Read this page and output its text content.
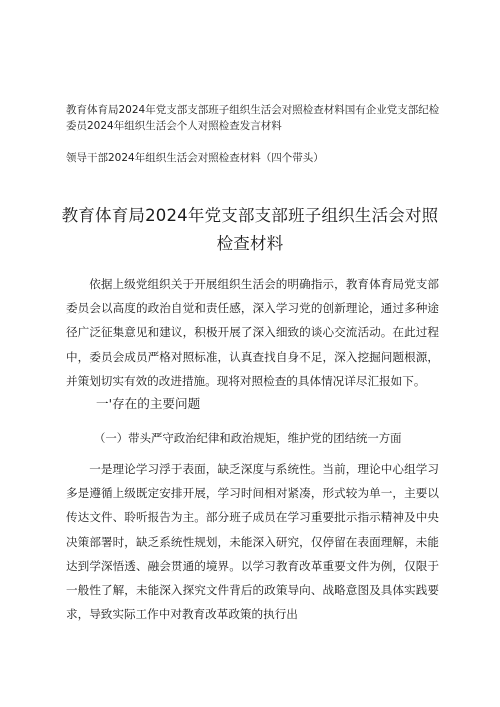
教育体育局2024年党支部支部班子组织生活会对照检查材料国有企业党支部纪检委员2024年组织生活会个人对照检查发言材料
领导干部2024年组织生活会对照检查材料（四个带头）
教育体育局2024年党支部支部班子组织生活会对照检查材料
依据上级党组织关于开展组织生活会的明确指示，教育体育局党支部委员会以高度的政治自觉和责任感，深入学习党的创新理论，通过多种途径广泛征集意见和建议，积极开展了深入细致的谈心交流活动。在此过程中，委员会成员严格对照标准，认真查找自身不足，深入挖掘问题根源，并策划切实有效的改进措施。现将对照检查的具体情况详尽汇报如下。
一'存在的主要问题
（一）带头严守政治纪律和政治规矩，维护党的团结统一方面
一是理论学习浮于表面，缺乏深度与系统性。当前，理论中心组学习多是遵循上级既定安排开展，学习时间相对紧凑，形式较为单一，主要以传达文件、聆听报告为主。部分班子成员在学习重要批示指示精神及中央决策部署时，缺乏系统性规划，未能深入研究，仅停留在表面理解，未能达到学深悟透、融会贯通的境界。以学习教育改革重要文件为例，仅限于一般性了解，未能深入探究文件背后的政策导向、战略意图及具体实践要求，导致实际工作中对教育改革政策的执行出
